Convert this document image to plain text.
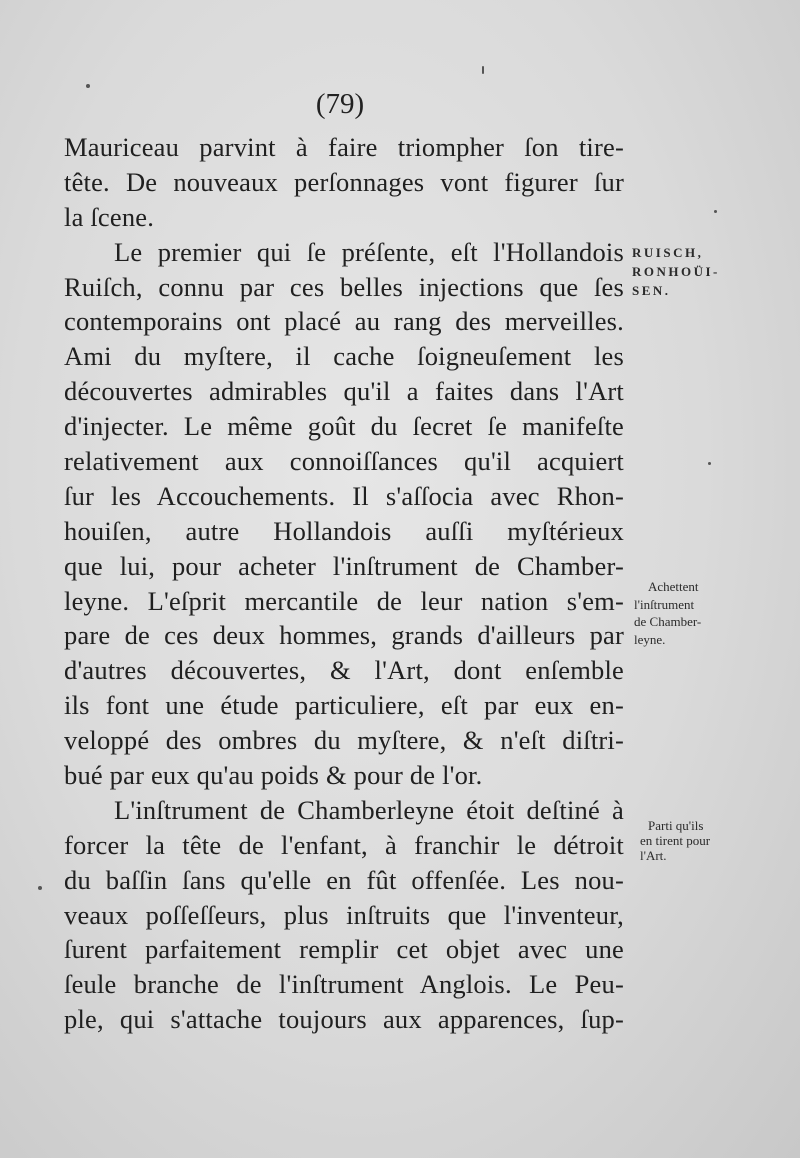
(79)
Mauriceau parvint à faire triompher ſon tire-
tête. De nouveaux perſonnages vont figurer ſur
la ſcene.
Le premier qui ſe préſente, eſt l'Hollandois
Ruiſch, connu par ces belles injections que ſes
contemporains ont placé au rang des merveilles.
Ami du myſtere, il cache ſoigneuſement les
découvertes admirables qu'il a faites dans l'Art
d'injecter. Le même goût du ſecret ſe manifeſte
relativement aux connoiſſances qu'il acquiert
ſur les Accouchements. Il s'aſſocia avec Rhon-
houiſen, autre Hollandois auſſi myſtérieux
que lui, pour acheter l'inſtrument de Chamber-
leyne. L'eſprit mercantile de leur nation s'em-
pare de ces deux hommes, grands d'ailleurs par
d'autres découvertes, & l'Art, dont enſemble
ils font une étude particuliere, eſt par eux en-
veloppé des ombres du myſtere, & n'eſt diſtri-
bué par eux qu'au poids & pour de l'or.
L'inſtrument de Chamberleyne étoit deſtiné à
forcer la tête de l'enfant, à franchir le détroit
du baſſin ſans qu'elle en fût offenſée. Les nou-
veaux poſſeſſeurs, plus inſtruits que l'inventeur,
ſurent parfaitement remplir cet objet avec une
ſeule branche de l'inſtrument Anglois. Le Peu-
ple, qui s'attache toujours aux apparences, ſup-
RUISCH,
RONHOÜI-
SEN.
Achettent
l'inſtrument
de Chamber-
leyne.
Parti qu'ils
en tirent pour
l'Art.
